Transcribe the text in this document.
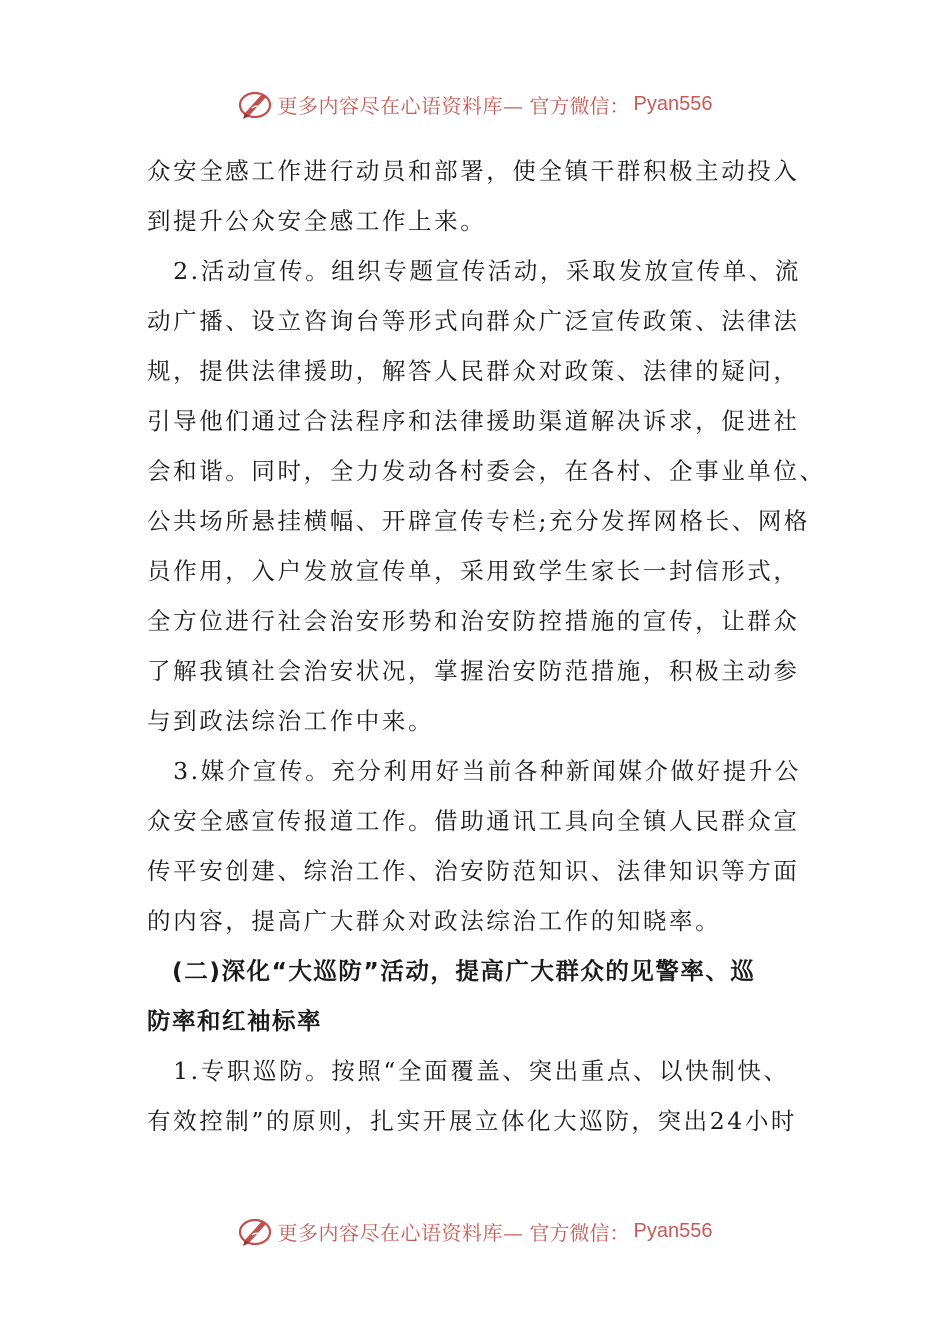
更多内容尽在心语资料库— 官方微信： Pyan556

众安全感工作进行动员和部署，使全镇干群积极主动投入
到提升公众安全感工作上来。

　2.活动宣传。组织专题宣传活动，采取发放宣传单、流
动广播、设立咨询台等形式向群众广泛宣传政策、法律法
规，提供法律援助，解答人民群众对政策、法律的疑问，
引导他们通过合法程序和法律援助渠道解决诉求，促进社
会和谐。同时，全力发动各村委会，在各村、企事业单位、
公共场所悬挂横幅、开辟宣传专栏;充分发挥网格长、网格
员作用，入户发放宣传单，采用致学生家长一封信形式，
全方位进行社会治安形势和治安防控措施的宣传，让群众
了解我镇社会治安状况，掌握治安防范措施，积极主动参
与到政法综治工作中来。

　3.媒介宣传。充分利用好当前各种新闻媒介做好提升公
众安全感宣传报道工作。借助通讯工具向全镇人民群众宣
传平安创建、综治工作、治安防范知识、法律知识等方面
的内容，提高广大群众对政法综治工作的知晓率。

　(二)深化“大巡防”活动，提高广大群众的见警率、巡
防率和红袖标率

　1.专职巡防。按照“全面覆盖、突出重点、以快制快、
有效控制”的原则，扎实开展立体化大巡防，突出24小时

更多内容尽在心语资料库— 官方微信： Pyan556
